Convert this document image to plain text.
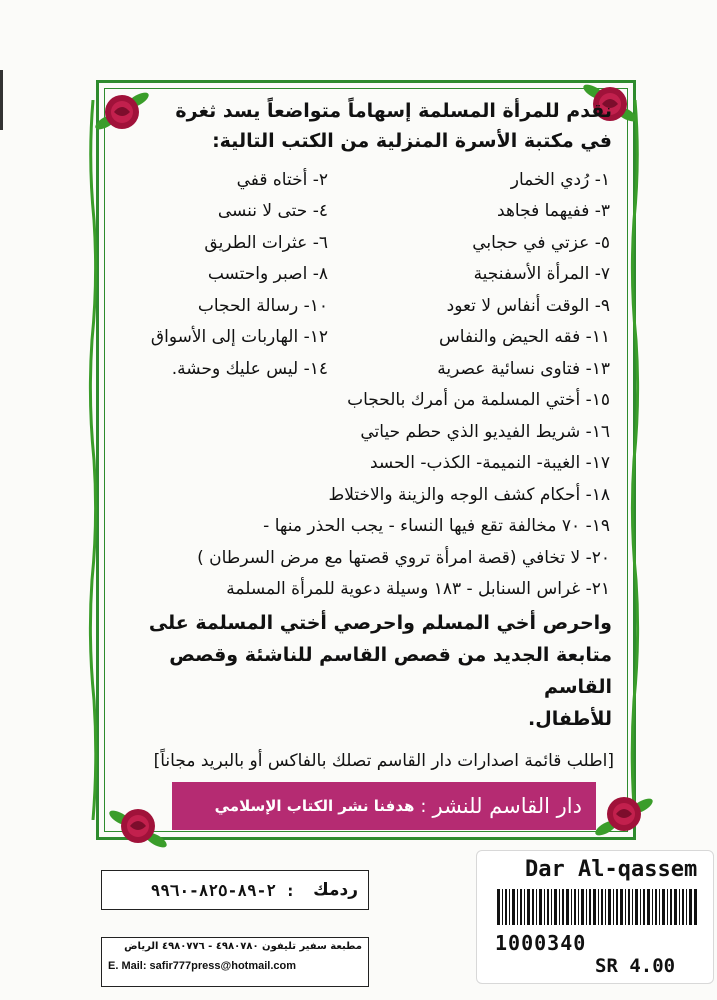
نقدم للمرأة المسلمة إسهاماً متواضعاً يسد ثغرة
في مكتبة الأسرة المنزلية من الكتب التالية:
١- رُدي الخمار
٢- أختاه قفي
٣- ففيهما فجاهد
٤- حتى لا ننسى
٥- عزتي في حجابي
٦- عثرات الطريق
٧- المرأة الأسفنجية
٨- اصبر واحتسب
٩- الوقت أنفاس لا تعود
١٠- رسالة الحجاب
١١- فقه الحيض والنفاس
١٢- الهاربات إلى الأسواق
١٣- فتاوى نسائية عصرية
١٤- ليس عليك وحشة.
١٥- أختي المسلمة من أمرك بالحجاب
١٦- شريط الفيديو الذي حطم حياتي
١٧- الغيبة- النميمة- الكذب- الحسد
١٨- أحكام كشف الوجه والزينة والاختلاط
١٩- ٧٠ مخالفة تقع فيها النساء - يجب الحذر منها -
٢٠- لا تخافي (قصة امرأة تروي قصتها مع مرض السرطان )
٢١- غراس السنابل - ١٨٣ وسيلة دعوية للمرأة المسلمة
واحرص أخي المسلم واحرصي أختي المسلمة على
متابعة الجديد من قصص القاسم للناشئة وقصص القاسم
للأطفال.
[اطلب قائمة اصدارات دار القاسم تصلك بالفاكس أو بالبريد مجاناً]
دار القاسم للنشر
:
هدفنا نشر الكتاب الإسلامي
ردمك
: ٢-٨٩-٨٢٥-٩٩٦٠
مطبعة سفير تليفون ٤٩٨٠٧٨٠ - ٤٩٨٠٧٧٦ الرياض
E. Mail: safir777press@hotmail.com
Dar Al-qassem
1000340
SR 4.00
